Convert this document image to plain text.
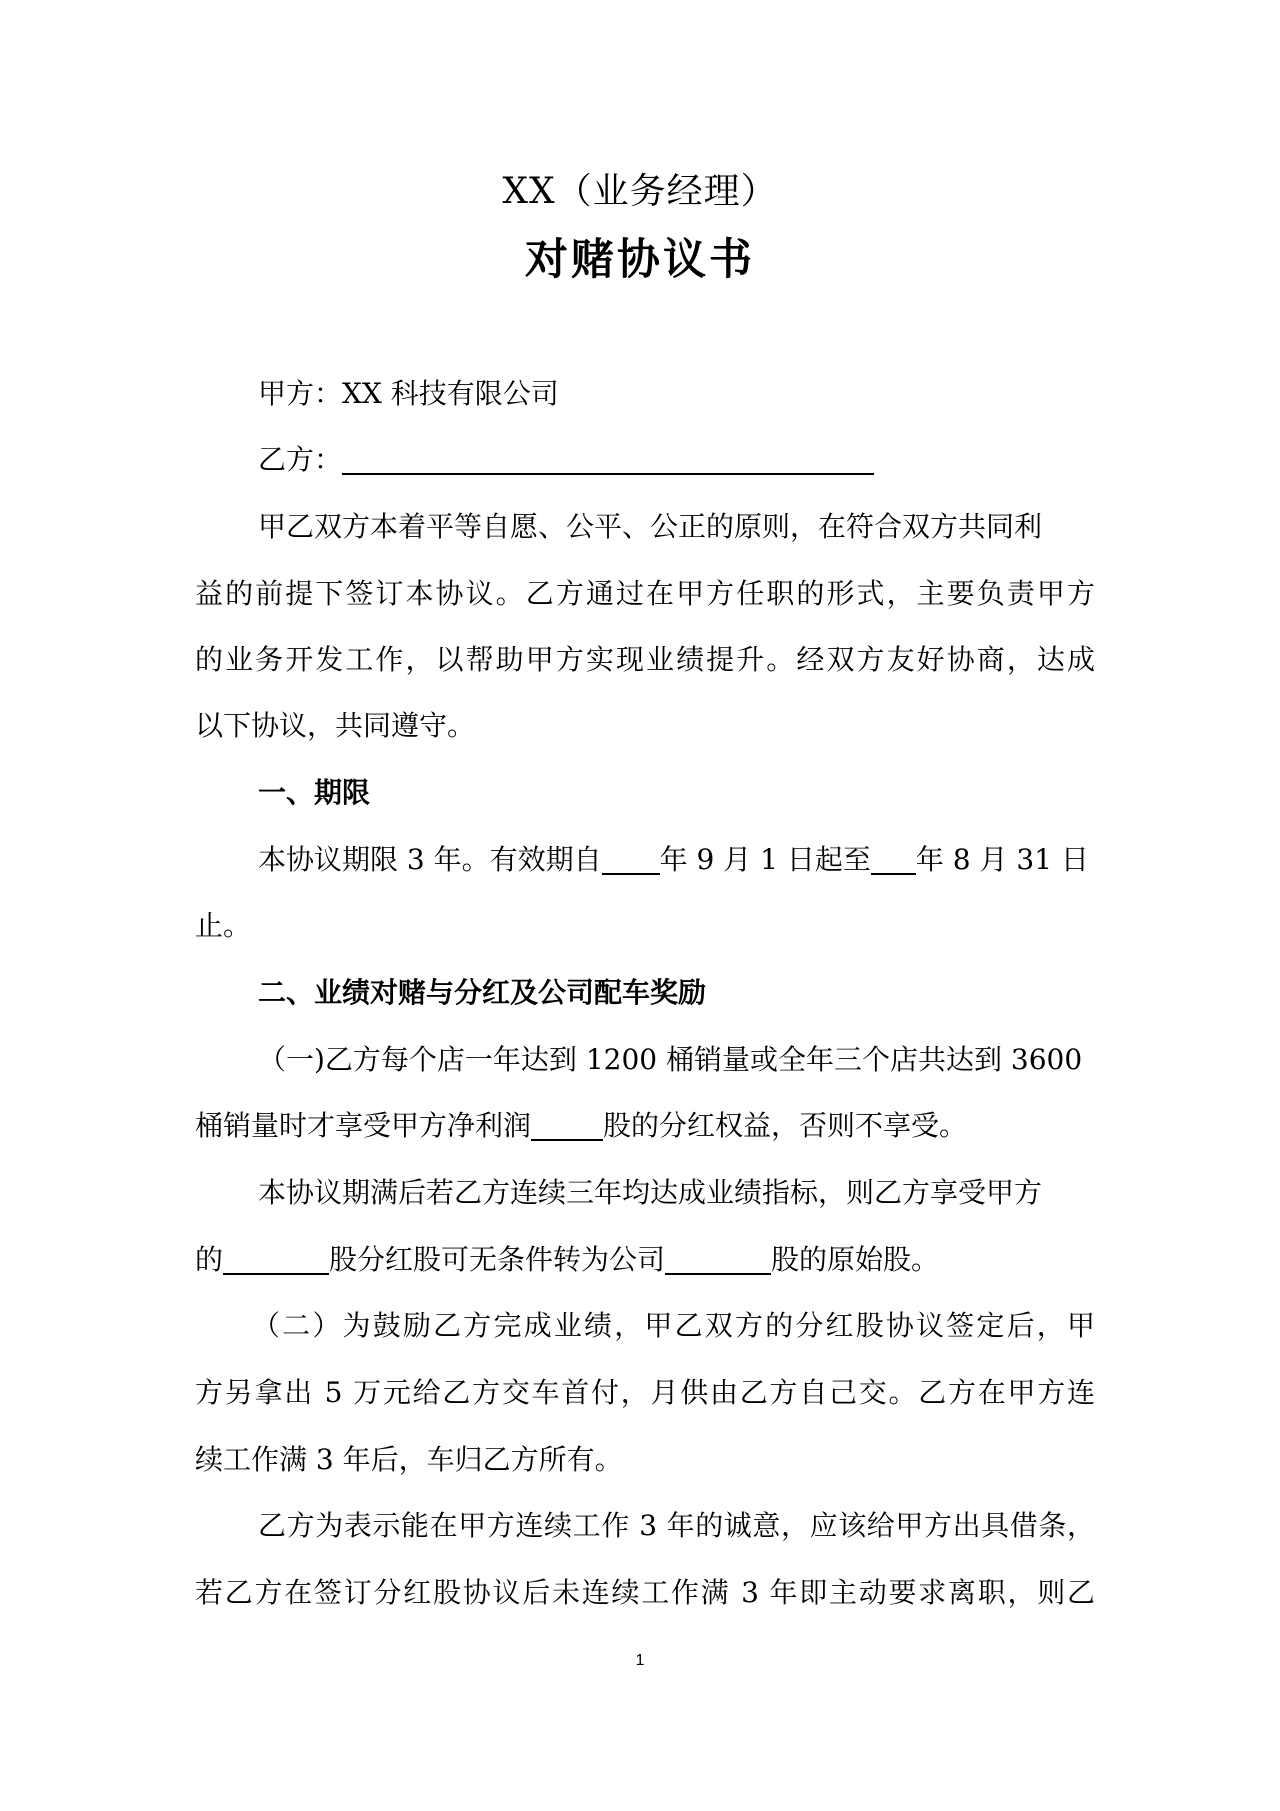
XX（业务经理）
对赌协议书
甲方：XX 科技有限公司
乙方：
甲乙双方本着平等自愿、公平、公正的原则，在符合双方共同利
益的前提下签订本协议。乙方通过在甲方任职的形式，主要负责甲方
的业务开发工作，以帮助甲方实现业绩提升。经双方友好协商，达成
以下协议，共同遵守。
一、期限
本协议期限 3 年。有效期自 年 9 月 1 日起至 年 8 月 31 日
止。
二、业绩对赌与分红及公司配车奖励
（一)乙方每个店一年达到 1200 桶销量或全年三个店共达到 3600
桶销量时才享受甲方净利润	股的分红权益，否则不享受。
本协议期满后若乙方连续三年均达成业绩指标，则乙方享受甲方
的	股分红股可无条件转为公司	股的原始股。
（二）为鼓励乙方完成业绩，甲乙双方的分红股协议签定后，甲
方另拿出 5 万元给乙方交车首付，月供由乙方自己交。乙方在甲方连
续工作满 3 年后，车归乙方所有。
乙方为表示能在甲方连续工作 3 年的诚意，应该给甲方出具借条，
若乙方在签订分红股协议后未连续工作满 3 年即主动要求离职，则乙
1
